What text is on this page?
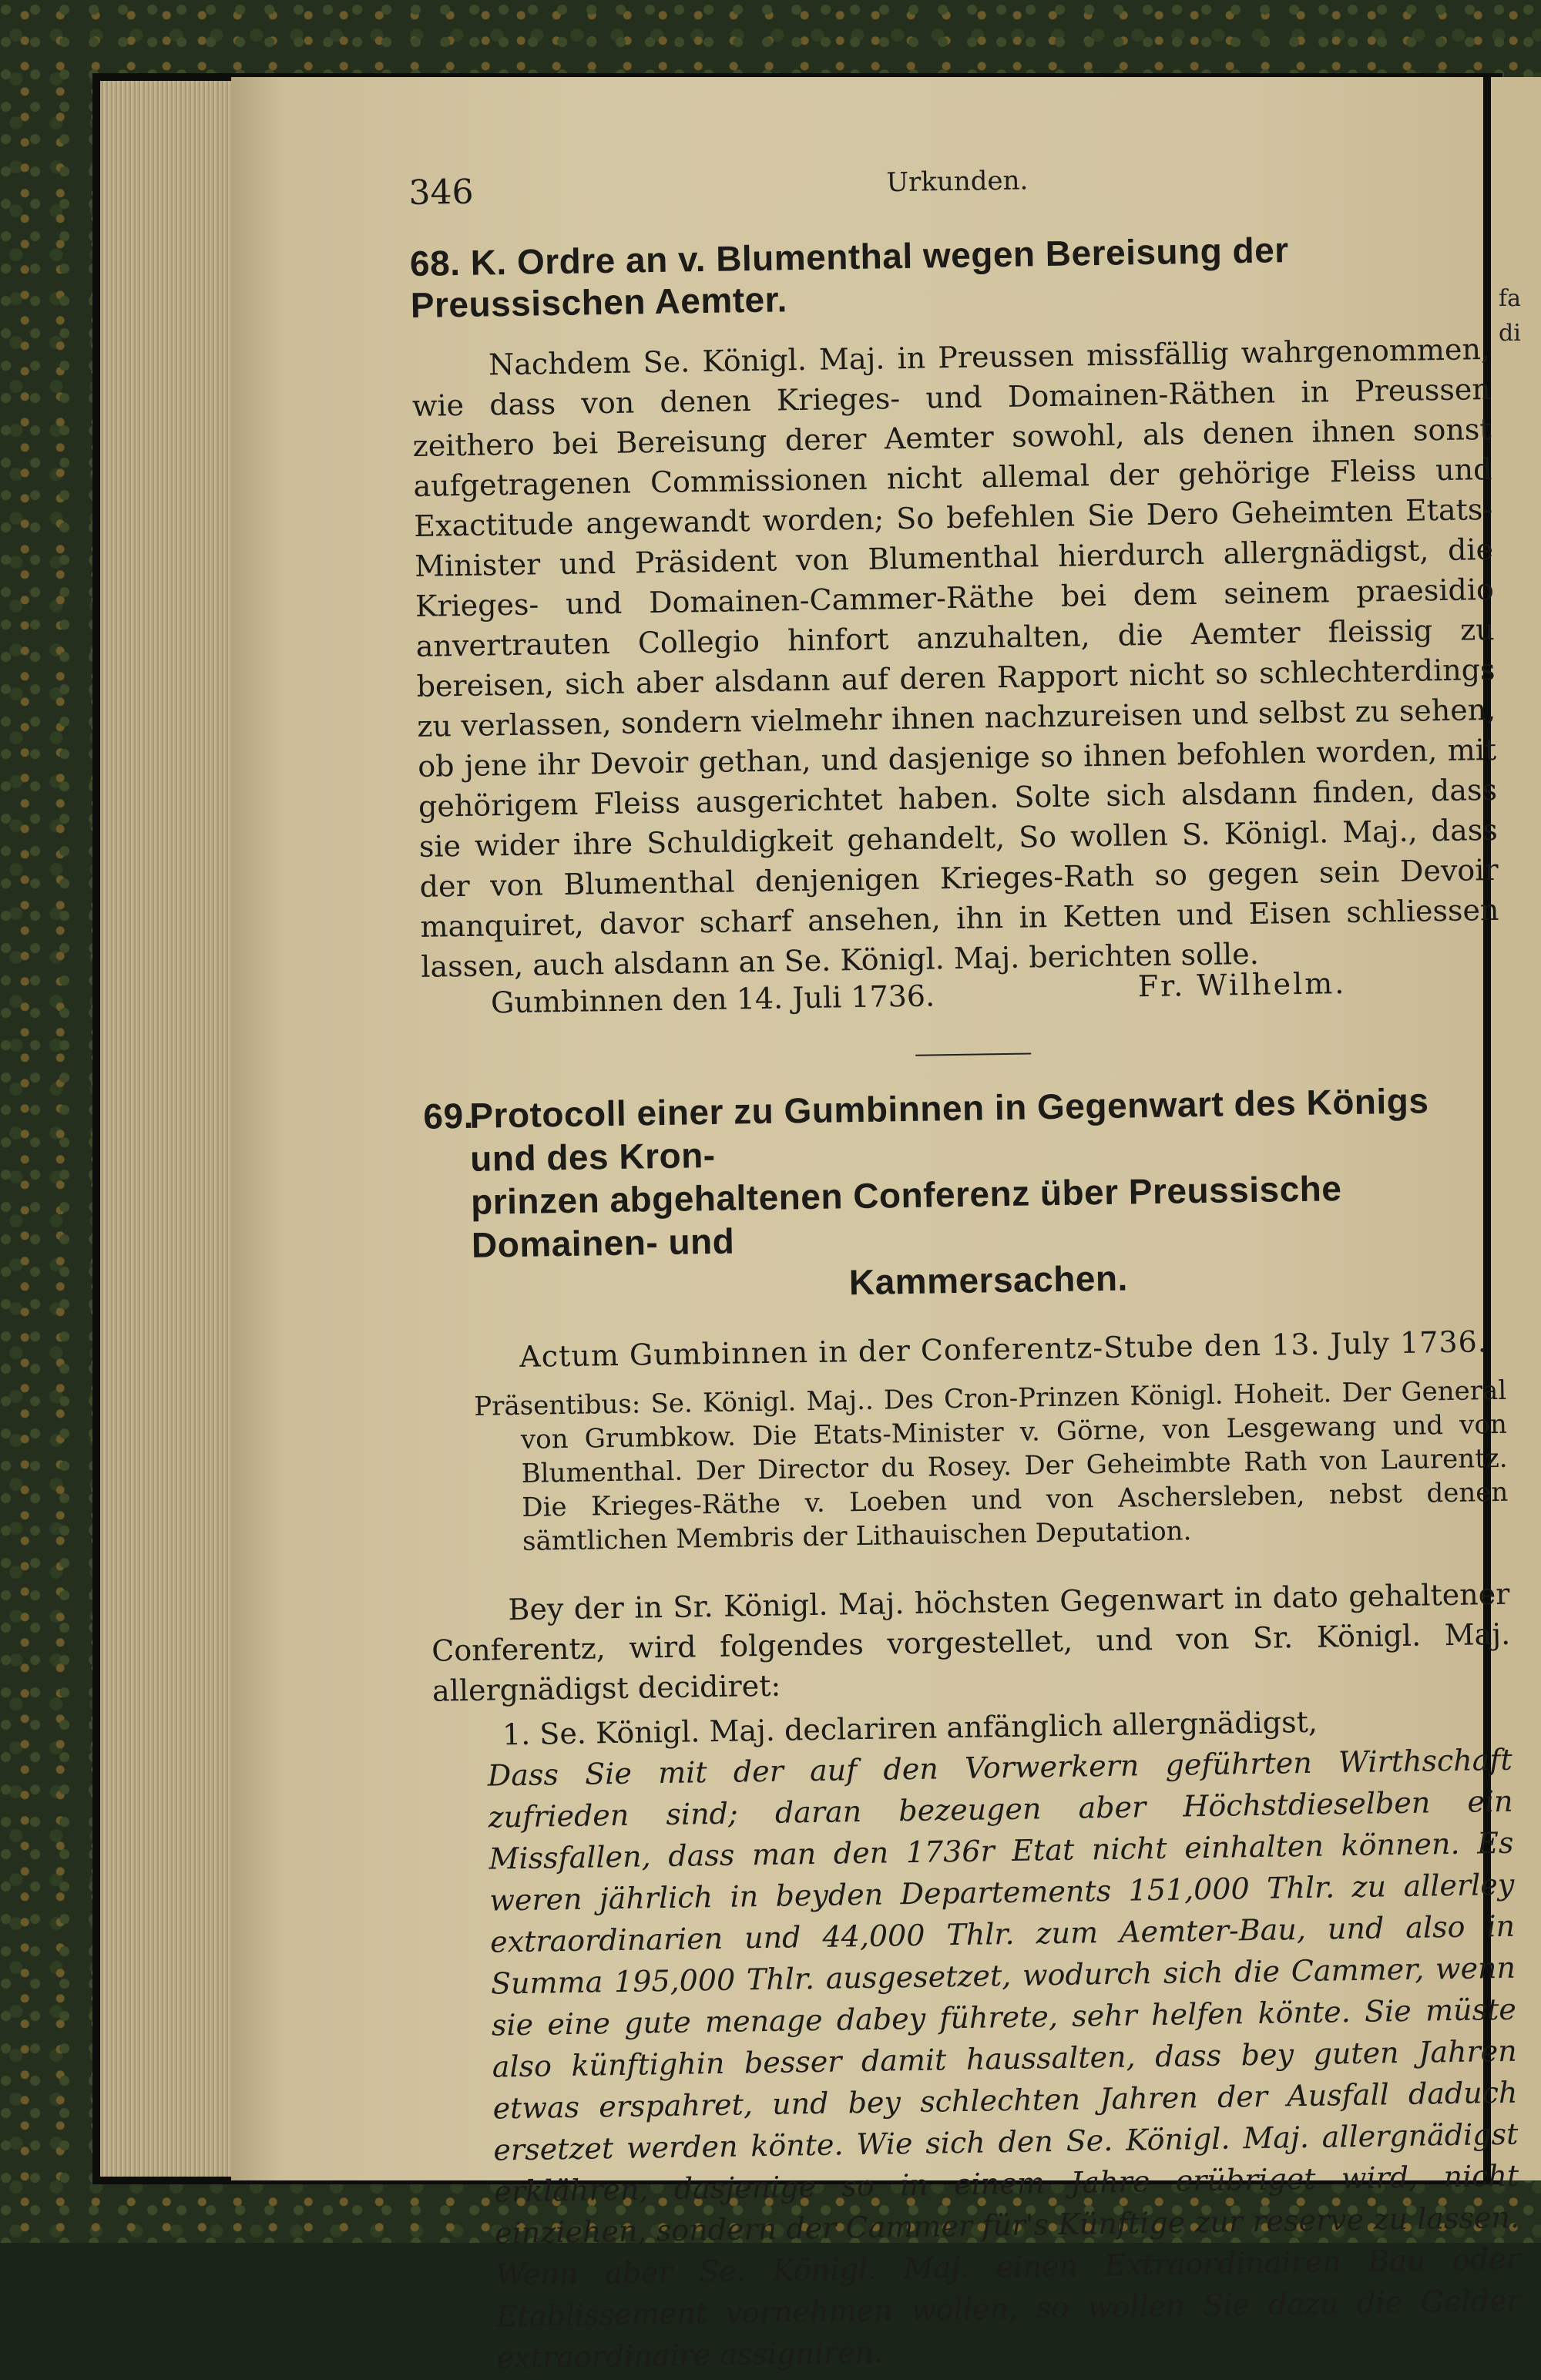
fa
di
346	Urkunden.
68. K. Ordre an v. Blumenthal wegen Bereisung der Preussischen Aemter.

Nachdem Se. Königl. Maj. in Preussen missfällig wahrgenommen, wie dass von denen Krieges- und Domainen-Räthen in Preussen zeithero bei Bereisung derer Aemter sowohl, als denen ihnen sonst aufgetragenen Commissionen nicht allemal der gehörige Fleiss und Exactitude angewandt worden; So befehlen Sie Dero Geheimten Etats-Minister und Präsident von Blumenthal hierdurch allergnädigst, die Krieges- und Domainen-Cammer-Räthe bei dem seinem praesidio anvertrauten Collegio hinfort anzuhalten, die Aemter fleissig zu bereisen, sich aber alsdann auf deren Rapport nicht so schlechterdings zu verlassen, sondern vielmehr ihnen nachzureisen und selbst zu sehen, ob jene ihr Devoir gethan, und dasjenige so ihnen befohlen worden, mit gehörigem Fleiss ausgerichtet haben. Solte sich alsdann finden, dass sie wider ihre Schuldigkeit gehandelt, So wollen S. Königl. Maj., dass der von Blumenthal denjenigen Krieges-Rath so gegen sein Devoir manquiret, davor scharf ansehen, ihn in Ketten und Eisen schliessen lassen, auch alsdann an Se. Königl. Maj. berichten solle.

Gumbinnen den 14. Juli 1736.	Fr. Wilhelm.
69.
Protocoll einer zu Gumbinnen in Gegenwart des Königs und des Kron-
prinzen abgehaltenen Conferenz über Preussische Domainen- und
Kammersachen.
Actum Gumbinnen in der Conferentz-Stube den 13. July 1736.

Präsentibus: Se. Königl. Maj.. Des Cron-Prinzen Königl. Hoheit. Der General von Grumbkow. Die Etats-Minister v. Görne, von Lesgewang und von Blumenthal. Der Director du Rosey. Der Geheimbte Rath von Laurentz. Die Krieges-Räthe v. Loeben und von Aschersleben, nebst denen sämtlichen Membris der Lithauischen Deputation.

Bey der in Sr. Königl. Maj. höchsten Gegenwart in dato gehaltener Conferentz, wird folgendes vorgestellet, und von Sr. Königl. Maj. allergnädigst decidiret:

1. Se. Königl. Maj. declariren anfänglich allergnädigst,

Dass Sie mit der auf den Vorwerkern geführten Wirthschaft zufrieden sind; daran bezeugen aber Höchstdieselben ein Missfallen, dass man den 1736r Etat nicht einhalten können. Es weren jährlich in beyden Departements 151,000 Thlr. zu allerley extraordinarien und 44,000 Thlr. zum Aemter-Bau, und also in Summa 195,000 Thlr. ausgesetzet, wodurch sich die Cammer, wenn sie eine gute menage dabey führete, sehr helfen könte. Sie müste also künftighin besser damit haussalten, dass bey guten Jahren etwas erspahret, und bey schlechten Jahren der Ausfall daduch ersetzet werden könte. Wie sich den Se. Königl. Maj. allergnädigst erklähren, dasjenige so in einem Jahre erübriget wird, nicht einziehen, sondern der Cammer für's Künftige zur reserve zu lassen. Wenn aber Se. Königl. Maj. einen Extraordinairen Bau oder Etablissement vornehmen wollen, so wollen Sie dazu die Gelder extraordinaire assigniren.
